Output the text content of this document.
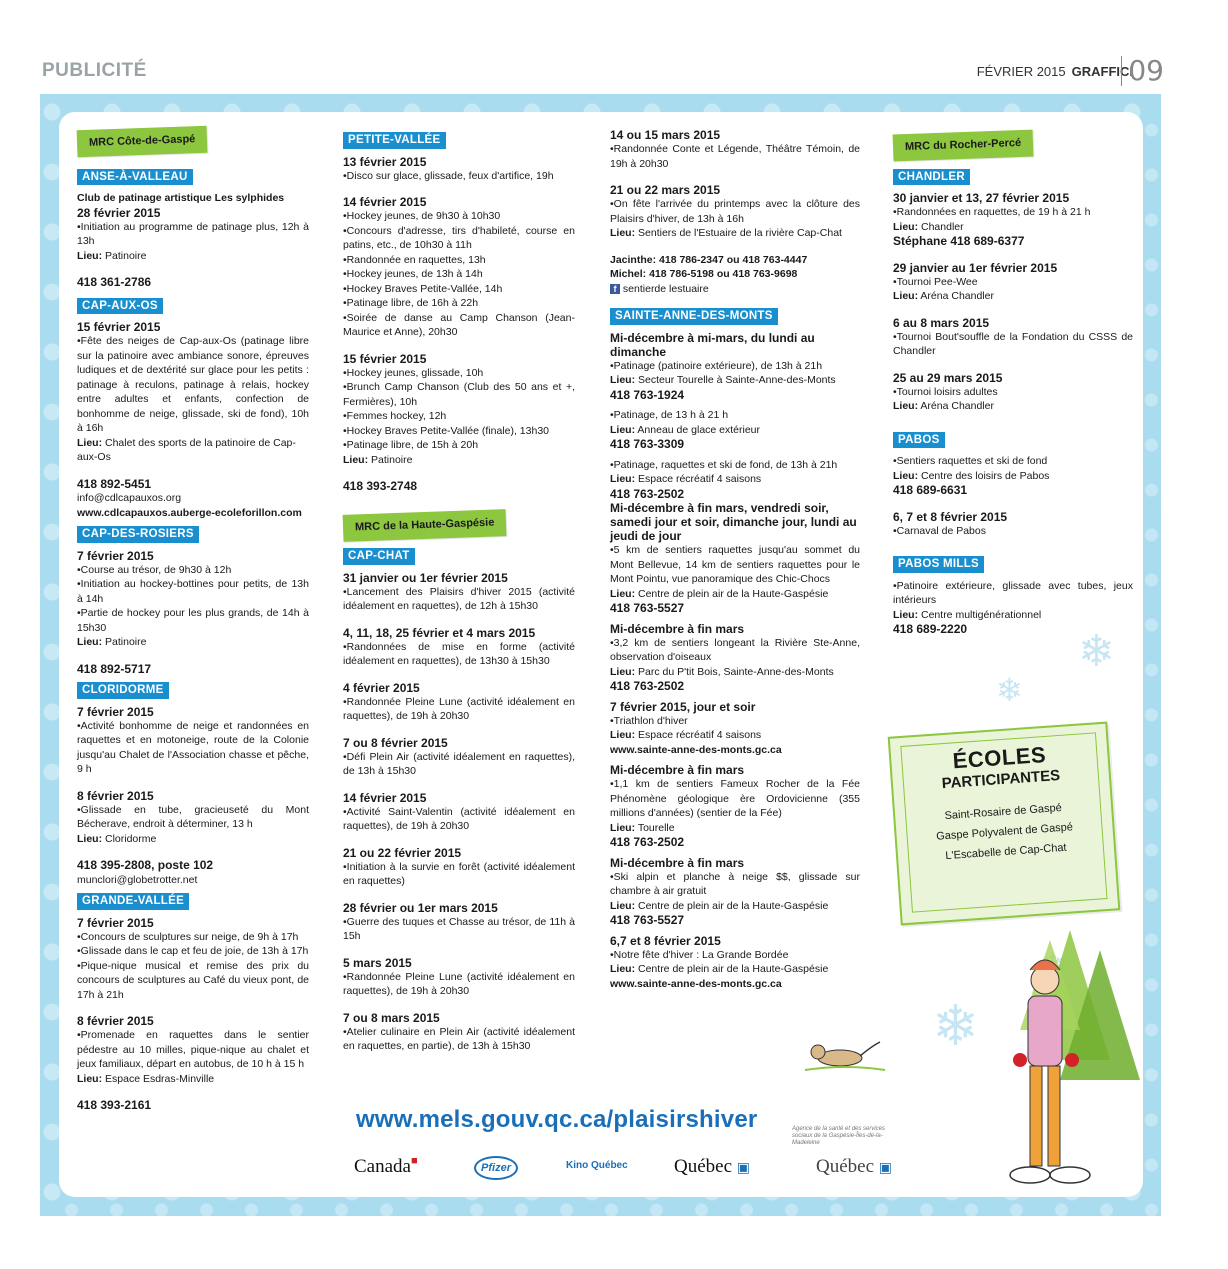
PUBLICITÉ	FÉVRIER 2015 GRAFFICI
09
MRC Côte-de-Gaspé
ANSE-À-VALLEAU
Club de patinage artistique Les sylphides
28 février 2015
•Initiation au programme de patinage plus, 12h à 13h
Lieu: Patinoire
418 361-2786
CAP-AUX-OS
15 février 2015
•Fête des neiges de Cap-aux-Os (patinage libre sur la patinoire avec ambiance sonore, épreuves ludiques et de dextérité sur glace pour les petits : patinage à reculons, patinage à relais, hockey entre adultes et enfants, confection de bonhomme de neige, glissade, ski de fond), 10h à 16h
Lieu: Chalet des sports de la patinoire de Cap-aux-Os
418 892-5451
info@cdlcapauxos.org
www.cdlcapauxos.auberge-ecoleforillon.com
CAP-DES-ROSIERS
7 février 2015
•Course au trésor, de 9h30 à 12h
•Initiation au hockey-bottines pour petits, de 13h à 14h
•Partie de hockey pour les plus grands, de 14h à 15h30
Lieu: Patinoire
418 892-5717
CLORIDORME
7 février 2015
•Activité bonhomme de neige et randonnées en raquettes et en motoneige, route de la Colonie jusqu'au Chalet de l'Association chasse et pêche, 9 h
8 février 2015
•Glissade en tube, gracieuseté du Mont Bécherave, endroit à déterminer, 13 h
Lieu: Cloridorme
418 395-2808, poste 102
munclori@globetrotter.net
GRANDE-VALLÉE
7 février 2015
•Concours de sculptures sur neige, de 9h à 17h
•Glissade dans le cap et feu de joie, de 13h à 17h
•Pique-nique musical et remise des prix du concours de sculptures au Café du vieux pont, de 17h à 21h
8 février 2015
•Promenade en raquettes dans le sentier pédestre au 10 milles, pique-nique au chalet et jeux familiaux, départ en autobus, de 10 h à 15 h
Lieu: Espace Esdras-Minville
418 393-2161
PETITE-VALLÉE
13 février 2015
•Disco sur glace, glissade, feux d'artifice, 19h
14 février 2015
•Hockey jeunes, de 9h30 à 10h30
•Concours d'adresse, tirs d'habileté, course en patins, etc., de 10h30 à 11h
•Randonnée en raquettes, 13h
•Hockey jeunes, de 13h à 14h
•Hockey Braves Petite-Vallée, 14h
•Patinage libre, de 16h à 22h
•Soirée de danse au Camp Chanson (Jean-Maurice et Anne), 20h30
15 février 2015
•Hockey jeunes, glissade, 10h
•Brunch Camp Chanson (Club des 50 ans et +, Fermières), 10h
•Femmes hockey, 12h
•Hockey Braves Petite-Vallée (finale), 13h30
•Patinage libre, de 15h à 20h
Lieu: Patinoire
418 393-2748
MRC de la Haute-Gaspésie
CAP-CHAT
31 janvier ou 1er février 2015
•Lancement des Plaisirs d'hiver 2015 (activité idéalement en raquettes), de 12h à 15h30
4, 11, 18, 25 février et 4 mars 2015
•Randonnées de mise en forme (activité idéalement en raquettes), de 13h30 à 15h30
4 février 2015
•Randonnée Pleine Lune (activité idéalement en raquettes), de 19h à 20h30
7 ou 8 février 2015
•Défi Plein Air (activité idéalement en raquettes), de 13h à 15h30
14 février 2015
•Activité Saint-Valentin (activité idéalement en raquettes), de 19h à 20h30
21 ou 22 février 2015
•Initiation à la survie en forêt (activité idéalement en raquettes)
28 février ou 1er mars 2015
•Guerre des tuques et Chasse au trésor, de 11h à 15h
5 mars 2015
•Randonnée Pleine Lune (activité idéalement en raquettes), de 19h à 20h30
7 ou 8 mars 2015
•Atelier culinaire en Plein Air (activité idéalement en raquettes, en partie), de 13h à 15h30
14 ou 15 mars 2015
•Randonnée Conte et Légende, Théâtre Témoin, de 19h à 20h30
21 ou 22 mars 2015
•On fête l'arrivée du printemps avec la clôture des Plaisirs d'hiver, de 13h à 16h
Lieu: Sentiers de l'Estuaire de la rivière Cap-Chat
Jacinthe: 418 786-2347 ou 418 763-4447
Michel: 418 786-5198 ou 418 763-9698
f sentierde lestuaire
SAINTE-ANNE-DES-MONTS
Mi-décembre à mi-mars, du lundi au dimanche
•Patinage (patinoire extérieure), de 13h à 21h
Lieu: Secteur Tourelle à Sainte-Anne-des-Monts
418 763-1924
•Patinage, de 13 h à 21 h
Lieu: Anneau de glace extérieur
418 763-3309
•Patinage, raquettes et ski de fond, de 13h à 21h
Lieu: Espace récréatif 4 saisons
418 763-2502
Mi-décembre à fin mars, vendredi soir, samedi jour et soir, dimanche jour, lundi au jeudi de jour
•5 km de sentiers raquettes jusqu'au sommet du Mont Bellevue, 14 km de sentiers raquettes pour le Mont Pointu, vue panoramique des Chic-Chocs
Lieu: Centre de plein air de la Haute-Gaspésie
418 763-5527
Mi-décembre à fin mars
•3,2 km de sentiers longeant la Rivière Ste-Anne, observation d'oiseaux
Lieu: Parc du P'tit Bois, Sainte-Anne-des-Monts
418 763-2502
7 février 2015, jour et soir
•Triathlon d'hiver
Lieu: Espace récréatif 4 saisons
www.sainte-anne-des-monts.gc.ca
Mi-décembre à fin mars
•1,1 km de sentiers Fameux Rocher de la Fée Phénomène géologique ère Ordovicienne (355 millions d'années) (sentier de la Fée)
Lieu: Tourelle
418 763-2502
Mi-décembre à fin mars
•Ski alpin et planche à neige $$, glissade sur chambre à air gratuit
Lieu: Centre de plein air de la Haute-Gaspésie
418 763-5527
6,7 et 8 février 2015
•Notre fête d'hiver : La Grande Bordée
Lieu: Centre de plein air de la Haute-Gaspésie
www.sainte-anne-des-monts.gc.ca
MRC du Rocher-Percé
CHANDLER
30 janvier et 13, 27 février 2015
•Randonnées en raquettes, de 19 h à 21 h
Lieu: Chandler
Stéphane 418 689-6377
29 janvier au 1er février 2015
•Tournoi Pee-Wee
Lieu: Aréna Chandler
6 au 8 mars 2015
•Tournoi Bout'souffle de la Fondation du CSSS de Chandler
25 au 29 mars 2015
•Tournoi loisirs adultes
Lieu: Aréna Chandler
PABOS
•Sentiers raquettes et ski de fond
Lieu: Centre des loisirs de Pabos
418 689-6631
6, 7 et 8 février 2015
•Carnaval de Pabos
PABOS MILLS
•Patinoire extérieure, glissade avec tubes, jeux intérieurs
Lieu: Centre multigénérationnel
418 689-2220	❄
❄
❄
ÉCOLES
PARTICIPANTES

Saint-Rosaire de Gaspé

Gaspe Polyvalent de Gaspé

L'Escabelle de Cap-Chat

www.mels.gouv.qc.ca/plaisirshiver
Canada■
Pfizer	Kino Québec Québec ▣
Agence de la santé et des services sociaux de la Gaspésie-Îles-de-la-Madeleine
Québec ▣
